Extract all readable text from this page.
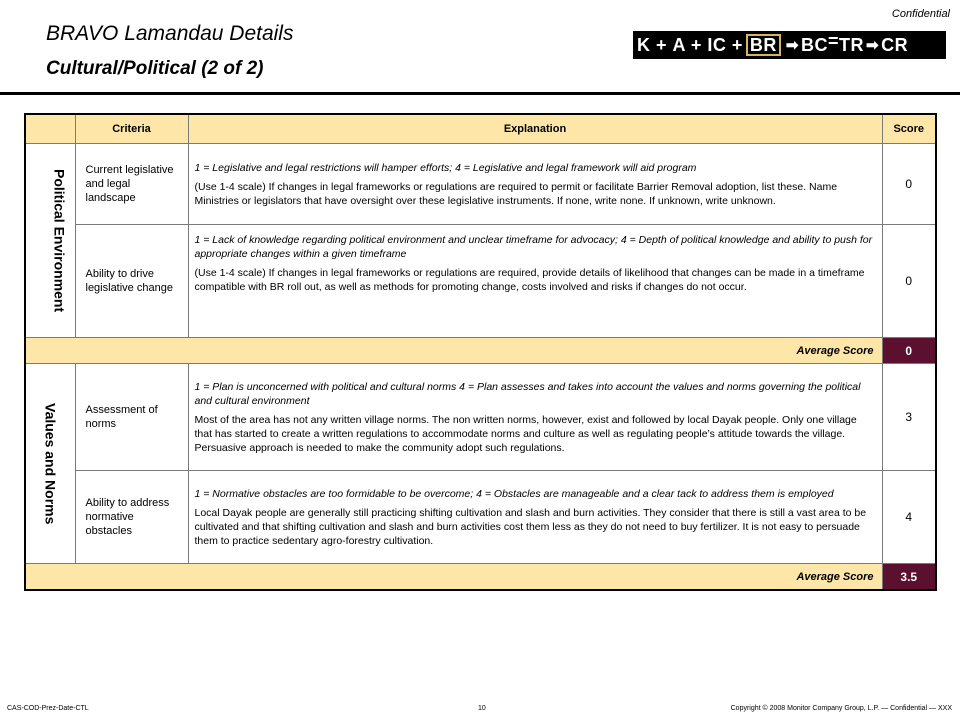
Confidential
BRAVO Lamandau Details
Cultural/Political (2 of 2)
K +
A +
IC + BR ➡ BC = TR ➡ CR
	Criteria	Explanation	Score

Political Environment	Current legislative and legal landscape	1 = Legislative and legal restrictions will hamper efforts; 4 = Legislative and legal framework will aid program
(Use 1-4 scale) If changes in legal frameworks or regulations are required to permit or facilitate Barrier Removal adoption, list these. Name Ministries or legislators that have oversight over these legislative instruments. If none, write none. If unknown, write unknown.	0
	Ability to drive legislative change	1 = Lack of knowledge regarding political environment and unclear timeframe for advocacy; 4 = Depth of political knowledge and ability to push for appropriate changes within a given timeframe
(Use 1-4 scale) If changes in legal frameworks or regulations are required, provide details of likelihood that changes can be made in a timeframe compatible with BR roll out, as well as methods for promoting change, costs involved and risks if changes do not occur.	0
Average Score			0

Values and Norms	Assessment of norms	1 = Plan is unconcerned with political and cultural norms 4 = Plan assesses and takes into account the values and norms governing the political and cultural environment
Most of the area has not any written village norms. The non written norms, however, exist and followed by local Dayak people. Only one village that has started to create a written regulations to accommodate norms and culture as well as regulating people’s attitude towards the village. Persuasive approach is needed to make the community adopt such regulations.	3
	Ability to address normative obstacles	1 = Normative obstacles are too formidable to be overcome; 4 = Obstacles are manageable and a clear tack to address them is employed
Local Dayak people are generally still practicing shifting cultivation and slash and burn activities. They consider that there is still a vast area to be cultivated and that shifting cultivation and slash and burn activities cost them less as they do not need to buy fertilizer. It is not easy to persuade them to practice sedentary agro-forestry cultivation.	4
Average Score			3.5
CAS-COD-Prez-Date-CTL	10	Copyright © 2008 Monitor Company Group, L.P. — Confidential — XXX
